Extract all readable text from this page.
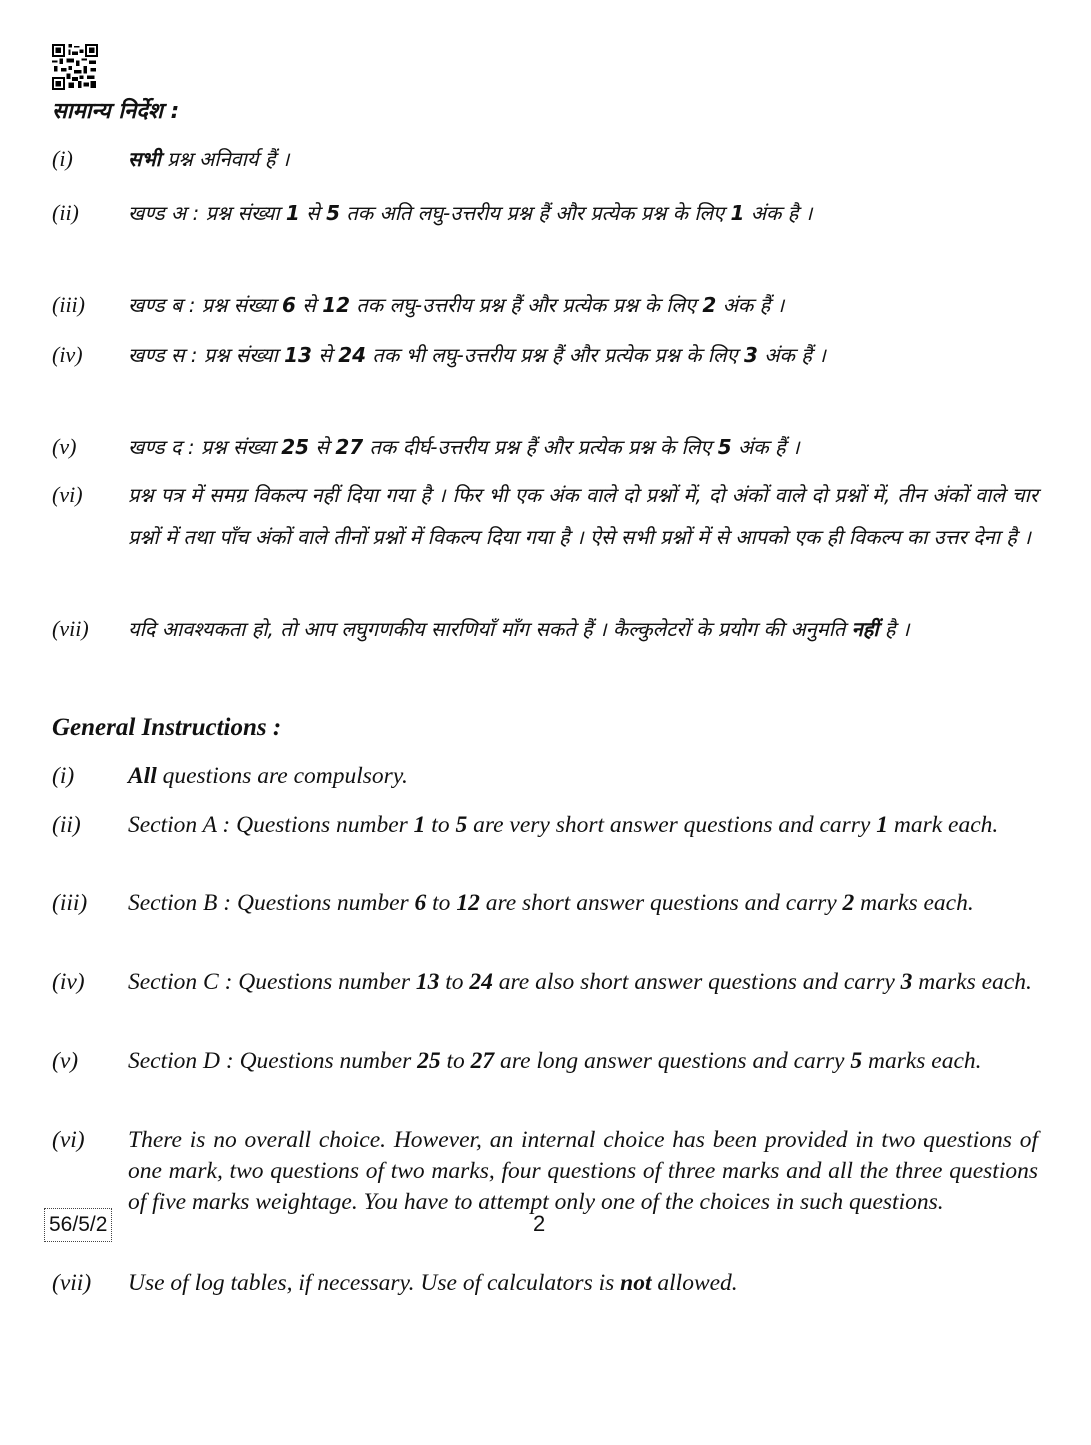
सामान्य निर्देश :
(i)	सभी प्रश्न अनिवार्य हैं ।
(ii) खण्ड अ : प्रश्न संख्या 1 से 5 तक अति लघु-उत्तरीय प्रश्न हैं और प्रत्येक प्रश्न के लिए 1 अंक है ।
(iii) खण्ड ब : प्रश्न संख्या 6 से 12 तक लघु-उत्तरीय प्रश्न हैं और प्रत्येक प्रश्न के लिए 2 अंक हैं ।
(iv) खण्ड स : प्रश्न संख्या 13 से 24 तक भी लघु-उत्तरीय प्रश्न हैं और प्रत्येक प्रश्न के लिए 3 अंक हैं ।
(v)	खण्ड द : प्रश्न संख्या 25 से 27 तक दीर्घ-उत्तरीय प्रश्न हैं और प्रत्येक प्रश्न के लिए 5 अंक हैं ।
(vi) प्रश्न पत्र में समग्र विकल्प नहीं दिया गया है । फिर भी एक अंक वाले दो प्रश्नों में, दो अंकों वाले दो प्रश्नों में, तीन अंकों वाले चार प्रश्नों में तथा पाँच अंकों वाले तीनों प्रश्नों में विकल्प दिया गया है । ऐसे सभी प्रश्नों में से आपको एक ही विकल्प का उत्तर देना है ।
(vii) यदि आवश्यकता हो, तो आप लघुगणकीय सारणियाँ माँग सकते हैं । कैल्कुलेटरों के प्रयोग की अनुमति नहीं है ।
General Instructions :
(i) All questions are compulsory.
(ii) Section A : Questions number 1 to 5 are very short answer questions and carry 1 mark each.
(iii) Section B : Questions number 6 to 12 are short answer questions and carry 2 marks each.
(iv) Section C : Questions number 13 to 24 are also short answer questions and carry 3 marks each.
(v) Section D : Questions number 25 to 27 are long answer questions and carry 5 marks each.
(vi) There is no overall choice. However, an internal choice has been provided in two questions of one mark, two questions of two marks, four questions of three marks and all the three questions of five marks weightage. You have to attempt only one of the choices in such questions.
(vii) Use of log tables, if necessary. Use of calculators is not allowed.
56/5/2	2
